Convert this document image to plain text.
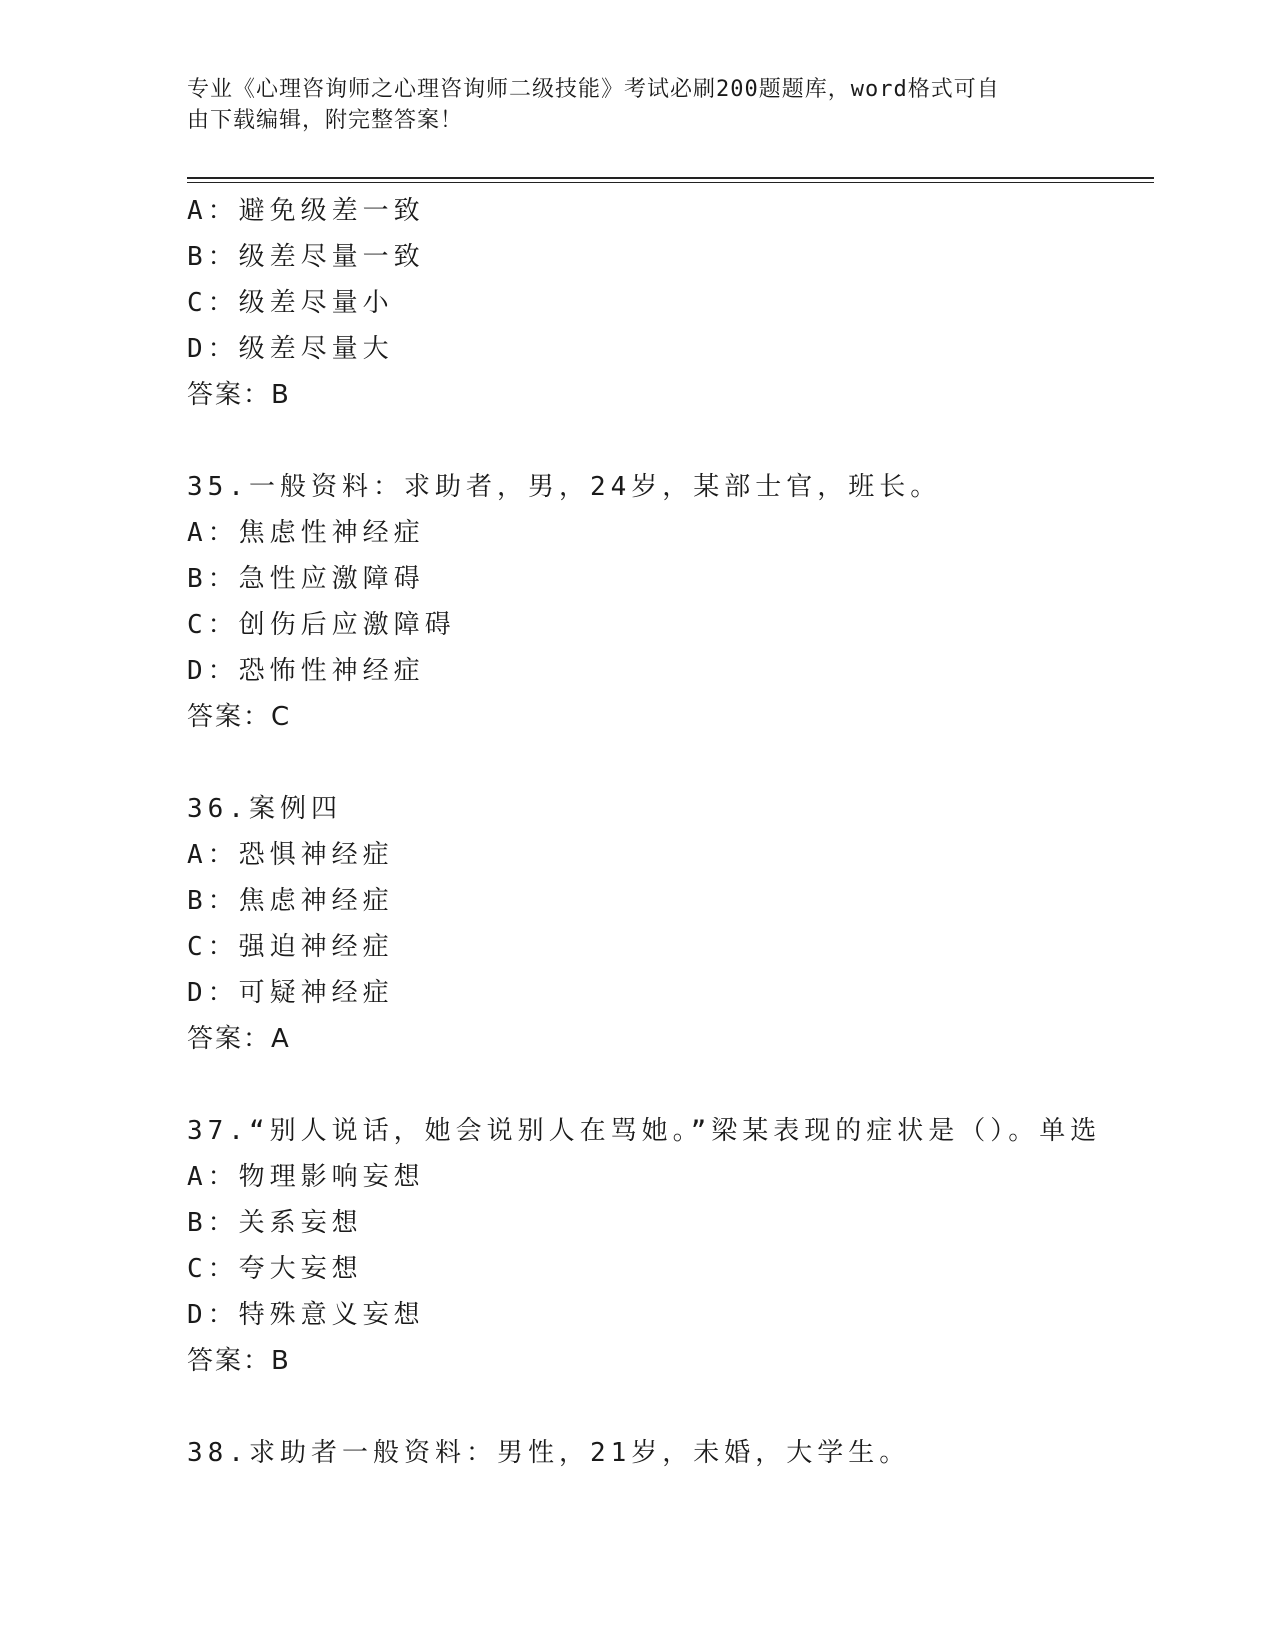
专业《心理咨询师之心理咨询师二级技能》考试必刷200题题库，word格式可自
由下载编辑，附完整答案！
A：避免级差一致
B：级差尽量一致
C：级差尽量小
D：级差尽量大
答案：B
35.一般资料：求助者，男，24岁，某部士官，班长。
A：焦虑性神经症
B：急性应激障碍
C：创伤后应激障碍
D：恐怖性神经症
答案：C
36.案例四
A：恐惧神经症
B：焦虑神经症
C：强迫神经症
D：可疑神经症
答案：A
37.“别人说话，她会说别人在骂她。”梁某表现的症状是（）。单选
A：物理影响妄想
B：关系妄想
C：夸大妄想
D：特殊意义妄想
答案：B
38.求助者一般资料：男性，21岁，未婚，大学生。
